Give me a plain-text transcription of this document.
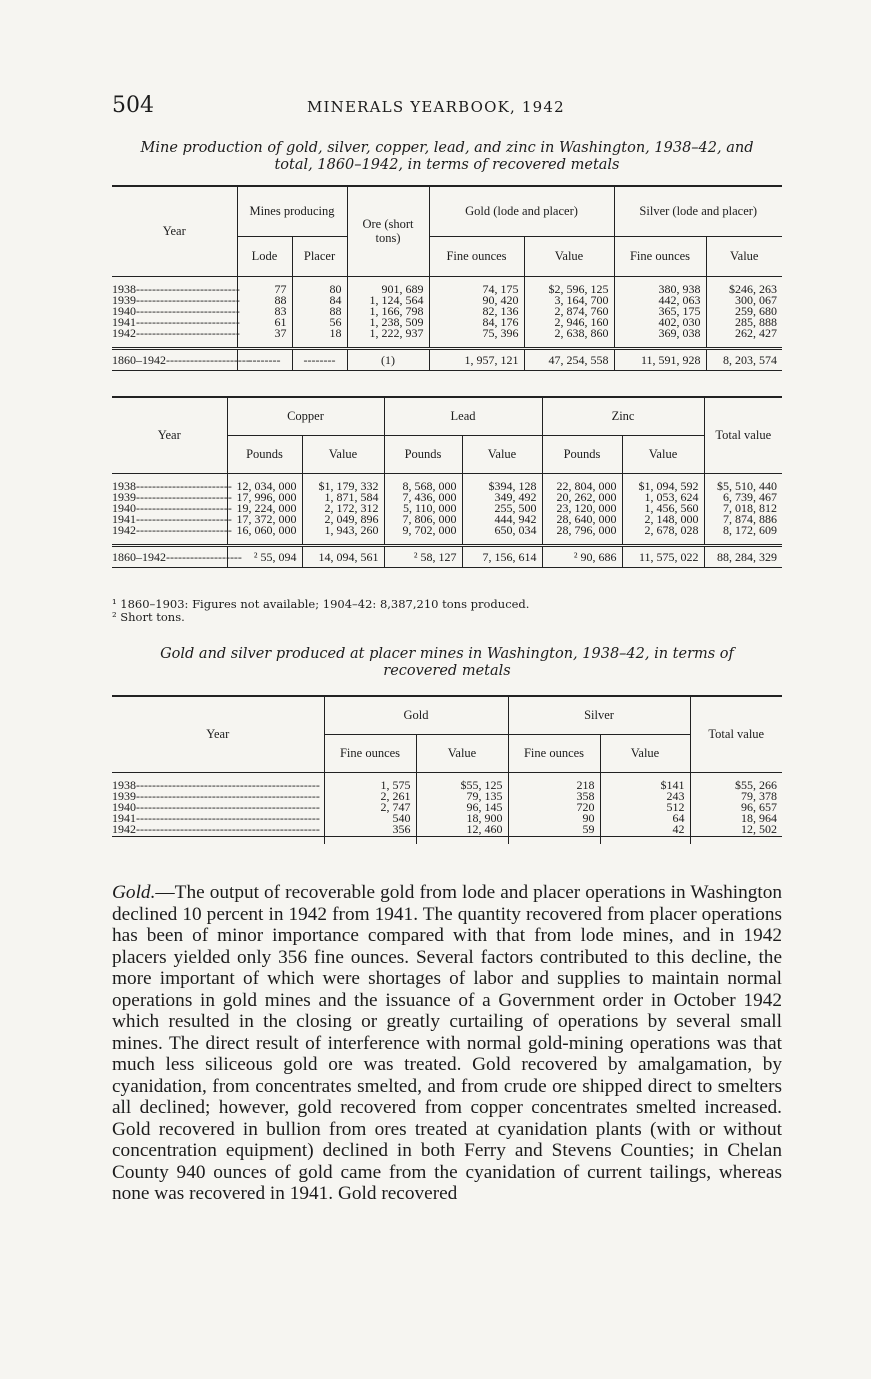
504	MINERALS YEARBOOK, 1942
Mine production of gold, silver, copper, lead, and zinc in Washington, 1938–42, and
total, 1860–1942, in terms of recovered metals
Year	Mines producing		Ore (short tons)	Gold (lode and placer)		Silver (lode and placer)	
	Lode	Placer		Fine ounces	Value	Fine ounces	Value

1938--------------------------	77	80	901, 689	74, 175	$2, 596, 125	380, 938	$246, 263
1939--------------------------	88	84	1, 124, 564	90, 420	3, 164, 700	442, 063	300, 067
1940--------------------------	83	88	1, 166, 798	82, 136	2, 874, 760	365, 175	259, 680
1941--------------------------	61	56	1, 238, 509	84, 176	2, 946, 160	402, 030	285, 888
1942--------------------------	37	18	1, 222, 937	75, 396	2, 638, 860	369, 038	262, 427

1860–1942---------------------	--------	--------	(1)	1, 957, 121	47, 254, 558	11, 591, 928	8, 203, 574
Year	Copper		Lead		Zinc		Total value
	Pounds	Value	Pounds	Value	Pounds	Value	

1938------------------------	12, 034, 000	$1, 179, 332	8, 568, 000	$394, 128	22, 804, 000	$1, 094, 592	$5, 510, 440
1939------------------------	17, 996, 000	1, 871, 584	7, 436, 000	349, 492	20, 262, 000	1, 053, 624	6, 739, 467
1940------------------------	19, 224, 000	2, 172, 312	5, 110, 000	255, 500	23, 120, 000	1, 456, 560	7, 018, 812
1941------------------------	17, 372, 000	2, 049, 896	7, 806, 000	444, 942	28, 640, 000	2, 148, 000	7, 874, 886
1942------------------------	16, 060, 000	1, 943, 260	9, 702, 000	650, 034	28, 796, 000	2, 678, 028	8, 172, 609

1860–1942-------------------	² 55, 094	14, 094, 561	² 58, 127	7, 156, 614	² 90, 686	11, 575, 022	88, 284, 329
¹ 1860–1903: Figures not available; 1904–42: 8,387,210 tons produced.
² Short tons.
Gold and silver produced at placer mines in Washington, 1938–42, in terms of
recovered metals
Year	Gold		Silver		Total value
	Fine ounces	Value	Fine ounces	Value	

1938----------------------------------------------	1, 575	$55, 125	218	$141	$55, 266
1939----------------------------------------------	2, 261	79, 135	358	243	79, 378
1940----------------------------------------------	2, 747	96, 145	720	512	96, 657
1941----------------------------------------------	540	18, 900	90	64	18, 964
1942----------------------------------------------	356	12, 460	59	42	12, 502

Gold.—The output of recoverable gold from lode and placer operations in Washington declined 10 percent in 1942 from 1941. The quantity recovered from placer operations has been of minor importance compared with that from lode mines, and in 1942 placers yielded only 356 fine ounces. Several factors contributed to this decline, the more important of which were shortages of labor and supplies to maintain normal operations in gold mines and the issuance of a Government order in October 1942 which resulted in the closing or greatly curtailing of operations by several small mines. The direct result of interference with normal gold-mining operations was that much less siliceous gold ore was treated. Gold recovered by amalgamation, by cyanidation, from concentrates smelted, and from crude ore shipped direct to smelters all declined; however, gold recovered from copper concentrates smelted increased. Gold recovered in bullion from ores treated at cyanidation plants (with or without concentration equipment) declined in both Ferry and Stevens Counties; in Chelan County 940 ounces of gold came from the cyanidation of current tailings, whereas none was recovered in 1941. Gold recovered
